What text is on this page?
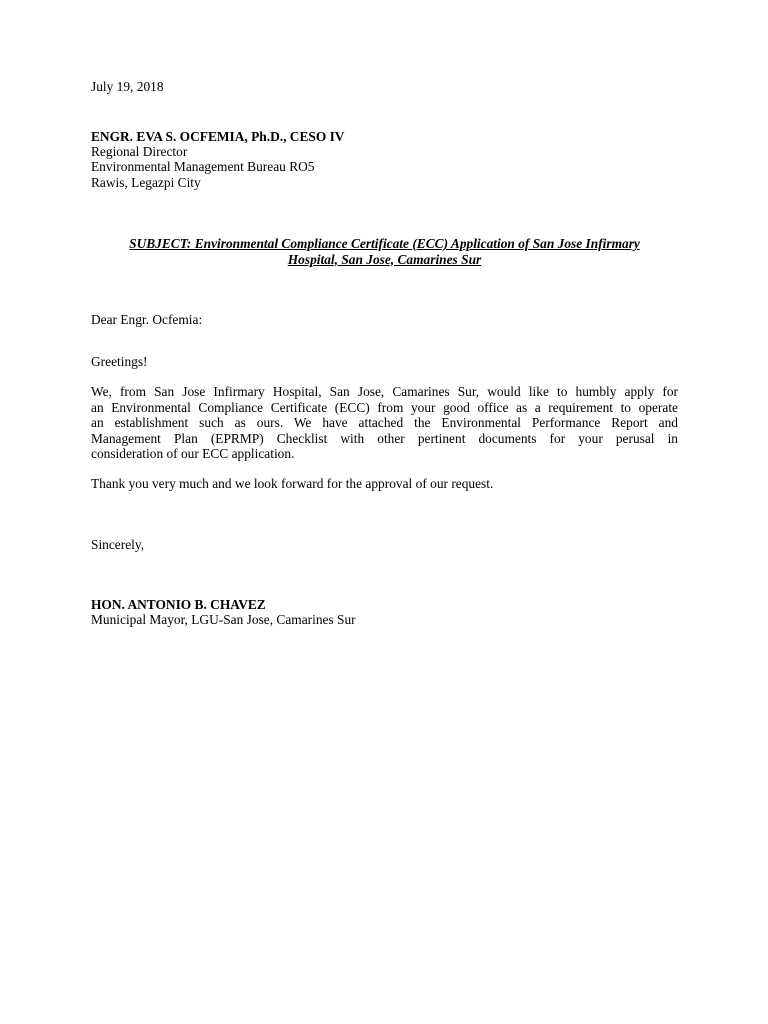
July 19, 2018
ENGR. EVA S. OCFEMIA, Ph.D., CESO IV
Regional Director
Environmental Management Bureau RO5
Rawis, Legazpi City
SUBJECT: Environmental Compliance Certificate (ECC) Application of San Jose Infirmary
Hospital, San Jose, Camarines Sur
Dear Engr. Ocfemia:
Greetings!
We, from San Jose Infirmary Hospital, San Jose, Camarines Sur, would like to humbly apply for
an Environmental Compliance Certificate (ECC) from your good office as a requirement to operate
an establishment such as ours. We have attached the Environmental Performance Report and
Management Plan (EPRMP) Checklist with other pertinent documents for your perusal in
consideration of our ECC application.
Thank you very much and we look forward for the approval of our request.
Sincerely,
HON. ANTONIO B. CHAVEZ
Municipal Mayor, LGU-San Jose, Camarines Sur
